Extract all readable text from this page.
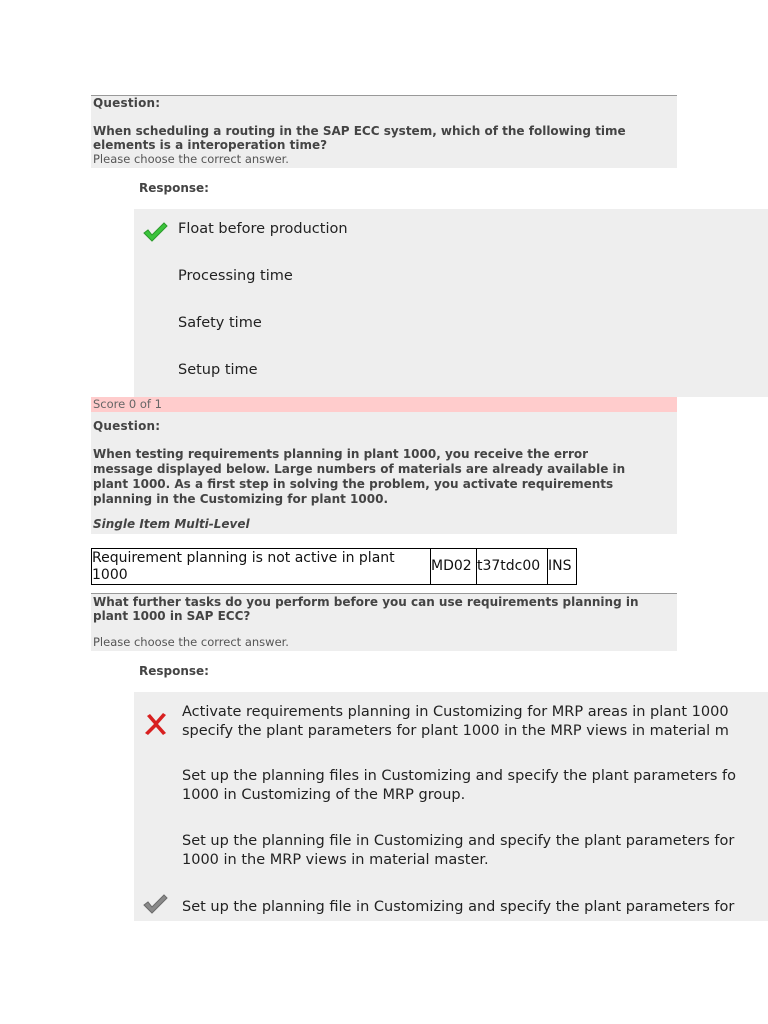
Question:
When scheduling a routing in the SAP ECC system, which of the following time
elements is a interoperation time?
Please choose the correct answer.
Response:
Float before production
Processing time
Safety time
Setup time
Score 0 of 1
Question:
When testing requirements planning in plant 1000, you receive the error
message displayed below. Large numbers of materials are already available in
plant 1000. As a first step in solving the problem, you activate requirements
planning in the Customizing for plant 1000.
Single Item Multi-Level
Requirement planning is not active in plant
1000
	MD02	t37tdc00	INS
What further tasks do you perform before you can use requirements planning in
plant 1000 in SAP ECC?
Please choose the correct answer.
Response:
Activate requirements planning in Customizing for MRP areas in plant 1000
specify the plant parameters for plant 1000 in the MRP views in material m
Set up the planning files in Customizing and specify the plant parameters fo
1000 in Customizing of the MRP group.
Set up the planning file in Customizing and specify the plant parameters for
1000 in the MRP views in material master.
Set up the planning file in Customizing and specify the plant parameters for
